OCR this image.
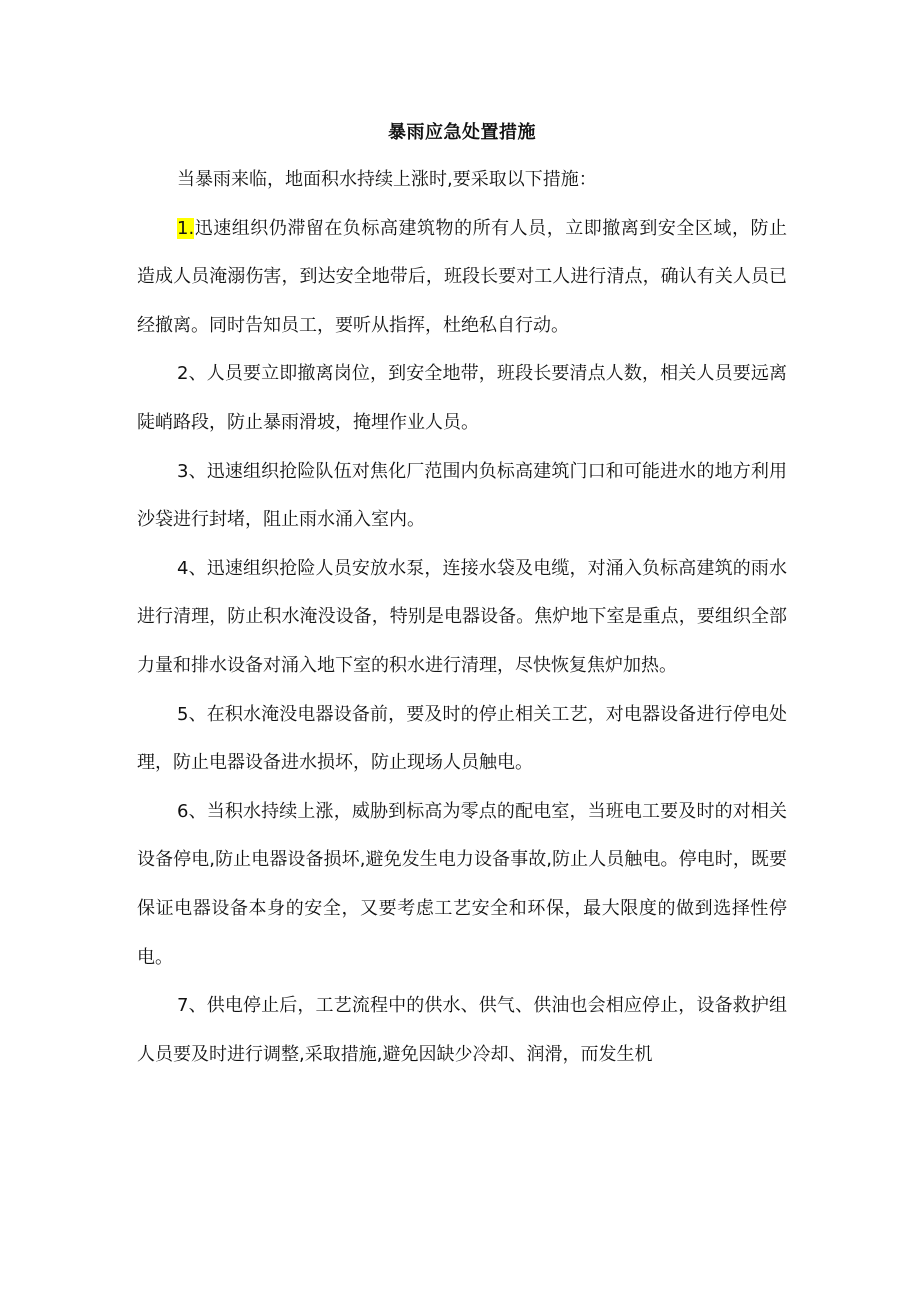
暴雨应急处置措施

当暴雨来临，地面积水持续上涨时,要采取以下措施：

1.迅速组织仍滞留在负标高建筑物的所有人员，立即撤离到安全区域，防止造成人员淹溺伤害，到达安全地带后，班段长要对工人进行清点，确认有关人员已经撤离。同时告知员工，要听从指挥，杜绝私自行动。

2、人员要立即撤离岗位，到安全地带，班段长要清点人数，相关人员要远离陡峭路段，防止暴雨滑坡，掩埋作业人员。

3、迅速组织抢险队伍对焦化厂范围内负标高建筑门口和可能进水的地方利用沙袋进行封堵，阻止雨水涌入室内。

4、迅速组织抢险人员安放水泵，连接水袋及电缆，对涌入负标高建筑的雨水进行清理，防止积水淹没设备，特别是电器设备。焦炉地下室是重点，要组织全部力量和排水设备对涌入地下室的积水进行清理，尽快恢复焦炉加热。

5、在积水淹没电器设备前，要及时的停止相关工艺，对电器设备进行停电处理，防止电器设备进水损坏，防止现场人员触电。

6、当积水持续上涨，威胁到标高为零点的配电室，当班电工要及时的对相关设备停电,防止电器设备损坏,避免发生电力设备事故,防止人员触电。停电时，既要保证电器设备本身的安全，又要考虑工艺安全和环保，最大限度的做到选择性停电。

7、供电停止后，工艺流程中的供水、供气、供油也会相应停止，设备救护组人员要及时进行调整,采取措施,避免因缺少冷却、润滑，而发生机
